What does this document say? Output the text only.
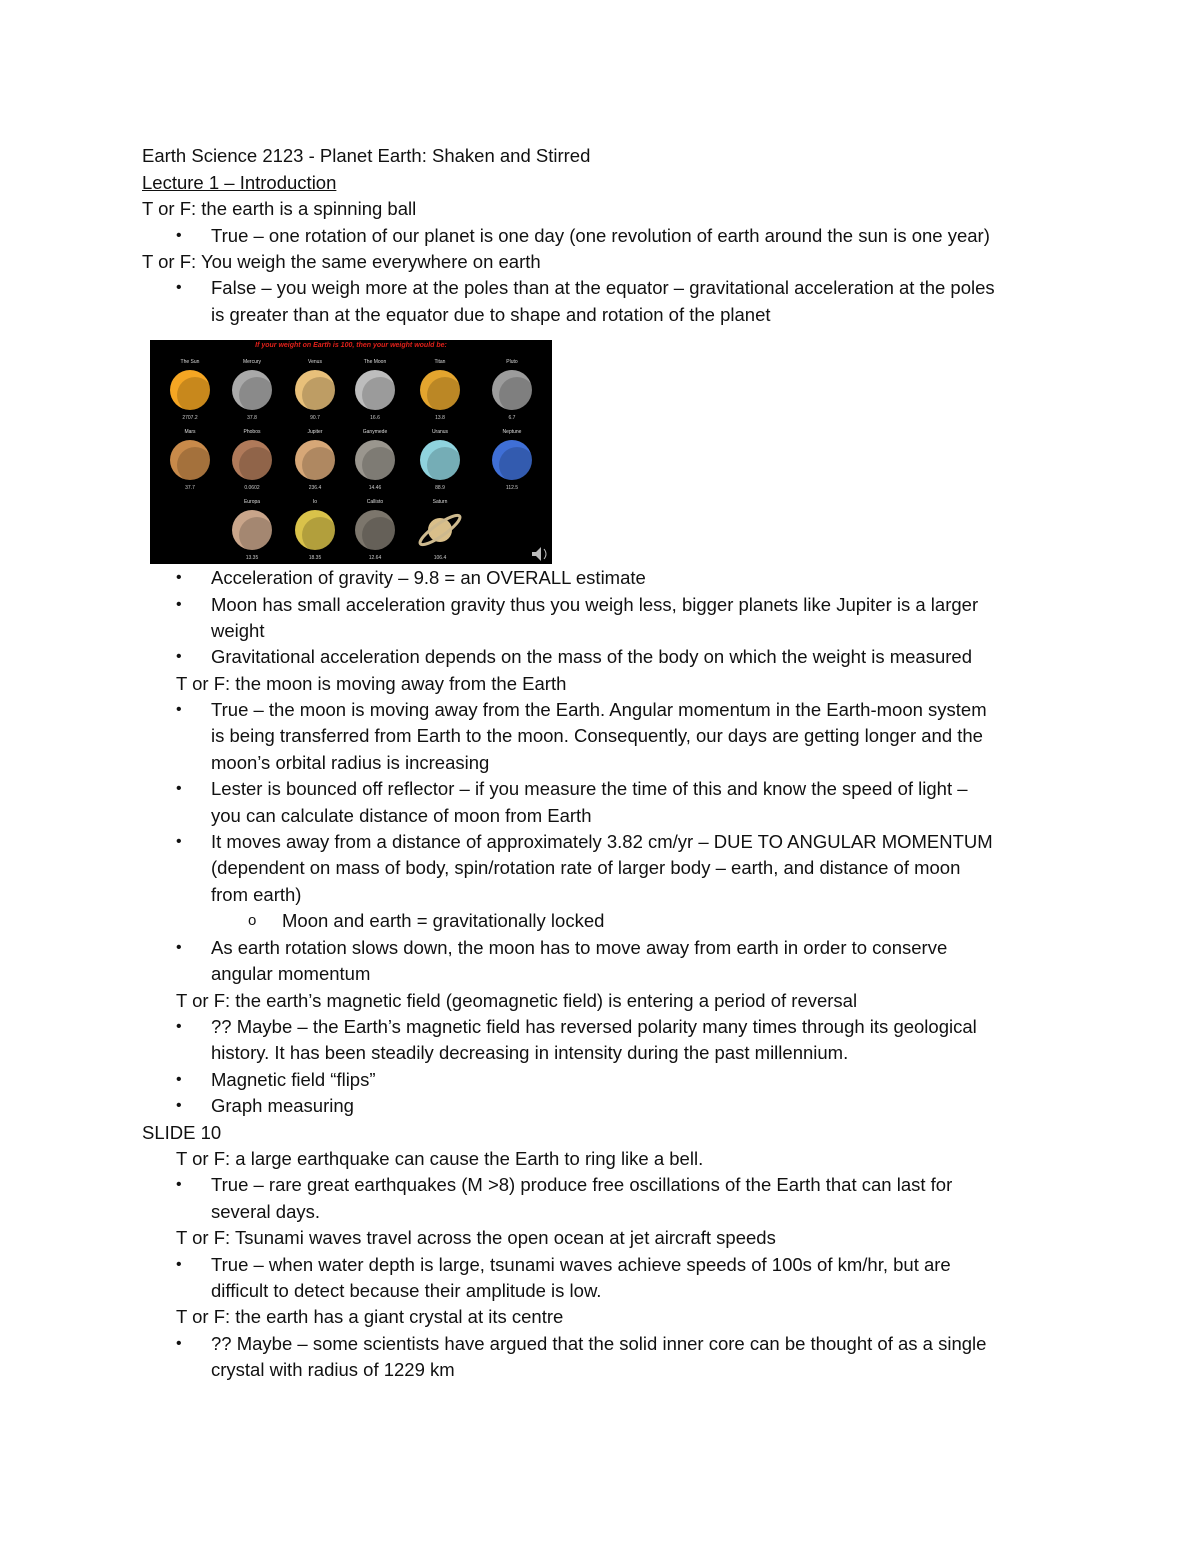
Earth Science 2123 - Planet Earth: Shaken and Stirred
Lecture 1 – Introduction
T or F: the earth is a spinning ball
• True – one rotation of our planet is one day (one revolution of earth around the sun is one year)
T or F: You weigh the same everywhere on earth
• False – you weigh more at the poles than at the equator – gravitational acceleration at the poles
is greater than at the equator due to shape and rotation of the planet
The Sun
2707.2
Mercury
37.8
Venus
90.7
The Moon
16.6
Titan
13.8
Pluto
6.7
Mars
37.7
Phobos
0.0602
Jupiter
236.4
Ganymede
14.46
Uranus
88.9
Neptune
112.5
Europa
13.35
Io
18.35
Callisto
12.64
Saturn
106.4
If your weight on Earth is 100, then your weight would be:
• Acceleration of gravity – 9.8 = an OVERALL estimate
• Moon has small acceleration gravity thus you weigh less, bigger planets like Jupiter is a larger
weight
• Gravitational acceleration depends on the mass of the body on which the weight is measured
T or F: the moon is moving away from the Earth
• True – the moon is moving away from the Earth. Angular momentum in the Earth-moon system
is being transferred from Earth to the moon. Consequently, our days are getting longer and the
moon’s orbital radius is increasing
• Lester is bounced off reflector – if you measure the time of this and know the speed of light –
you can calculate distance of moon from Earth
• It moves away from a distance of approximately 3.82 cm/yr – DUE TO ANGULAR MOMENTUM
(dependent on mass of body, spin/rotation rate of larger body – earth, and distance of moon
from earth)
o Moon and earth = gravitationally locked
• As earth rotation slows down, the moon has to move away from earth in order to conserve
angular momentum
T or F: the earth’s magnetic field (geomagnetic field) is entering a period of reversal
• ?? Maybe – the Earth’s magnetic field has reversed polarity many times through its geological
history. It has been steadily decreasing in intensity during the past millennium.
• Magnetic field “flips”
• Graph measuring
SLIDE 10
T or F: a large earthquake can cause the Earth to ring like a bell.
• True – rare great earthquakes (M >8) produce free oscillations of the Earth that can last for
several days.
T or F: Tsunami waves travel across the open ocean at jet aircraft speeds
• True – when water depth is large, tsunami waves achieve speeds of 100s of km/hr, but are
difficult to detect because their amplitude is low.
T or F: the earth has a giant crystal at its centre
• ?? Maybe – some scientists have argued that the solid inner core can be thought of as a single
crystal with radius of 1229 km
